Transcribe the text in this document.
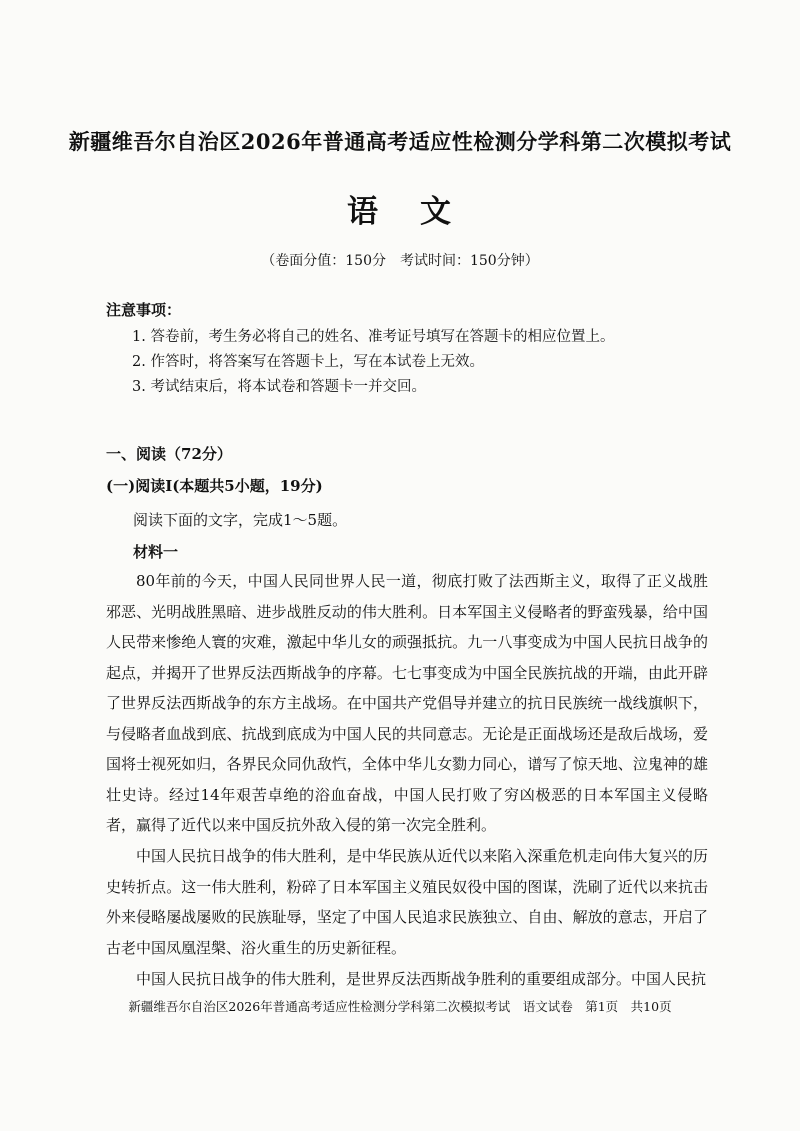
新疆维吾尔自治区2026年普通高考适应性检测分学科第二次模拟考试
语 文
（卷面分值：150分　考试时间：150分钟）
注意事项：
1. 答卷前，考生务必将自己的姓名、准考证号填写在答题卡的相应位置上。
2. 作答时，将答案写在答题卡上，写在本试卷上无效。
3. 考试结束后，将本试卷和答题卡一并交回。
一、阅读（72分）
(一)阅读Ⅰ(本题共5小题，19分)
阅读下面的文字，完成1～5题。
材料一
80年前的今天，中国人民同世界人民一道，彻底打败了法西斯主义，取得了正义战胜邪恶、光明战胜黑暗、进步战胜反动的伟大胜利。日本军国主义侵略者的野蛮残暴，给中国人民带来惨绝人寰的灾难，激起中华儿女的顽强抵抗。九一八事变成为中国人民抗日战争的起点，并揭开了世界反法西斯战争的序幕。七七事变成为中国全民族抗战的开端，由此开辟了世界反法西斯战争的东方主战场。在中国共产党倡导并建立的抗日民族统一战线旗帜下，与侵略者血战到底、抗战到底成为中国人民的共同意志。无论是正面战场还是敌后战场，爱国将士视死如归，各界民众同仇敌忾，全体中华儿女勠力同心，谱写了惊天地、泣鬼神的雄壮史诗。经过14年艰苦卓绝的浴血奋战，中国人民打败了穷凶极恶的日本军国主义侵略者，赢得了近代以来中国反抗外敌入侵的第一次完全胜利。
中国人民抗日战争的伟大胜利，是中华民族从近代以来陷入深重危机走向伟大复兴的历史转折点。这一伟大胜利，粉碎了日本军国主义殖民奴役中国的图谋，洗刷了近代以来抗击外来侵略屡战屡败的民族耻辱，坚定了中国人民追求民族独立、自由、解放的意志，开启了古老中国凤凰涅槃、浴火重生的历史新征程。
中国人民抗日战争的伟大胜利，是世界反法西斯战争胜利的重要组成部分。中国人民抗
新疆维吾尔自治区2026年普通高考适应性检测分学科第二次模拟考试　语文试卷　第1页　共10页
